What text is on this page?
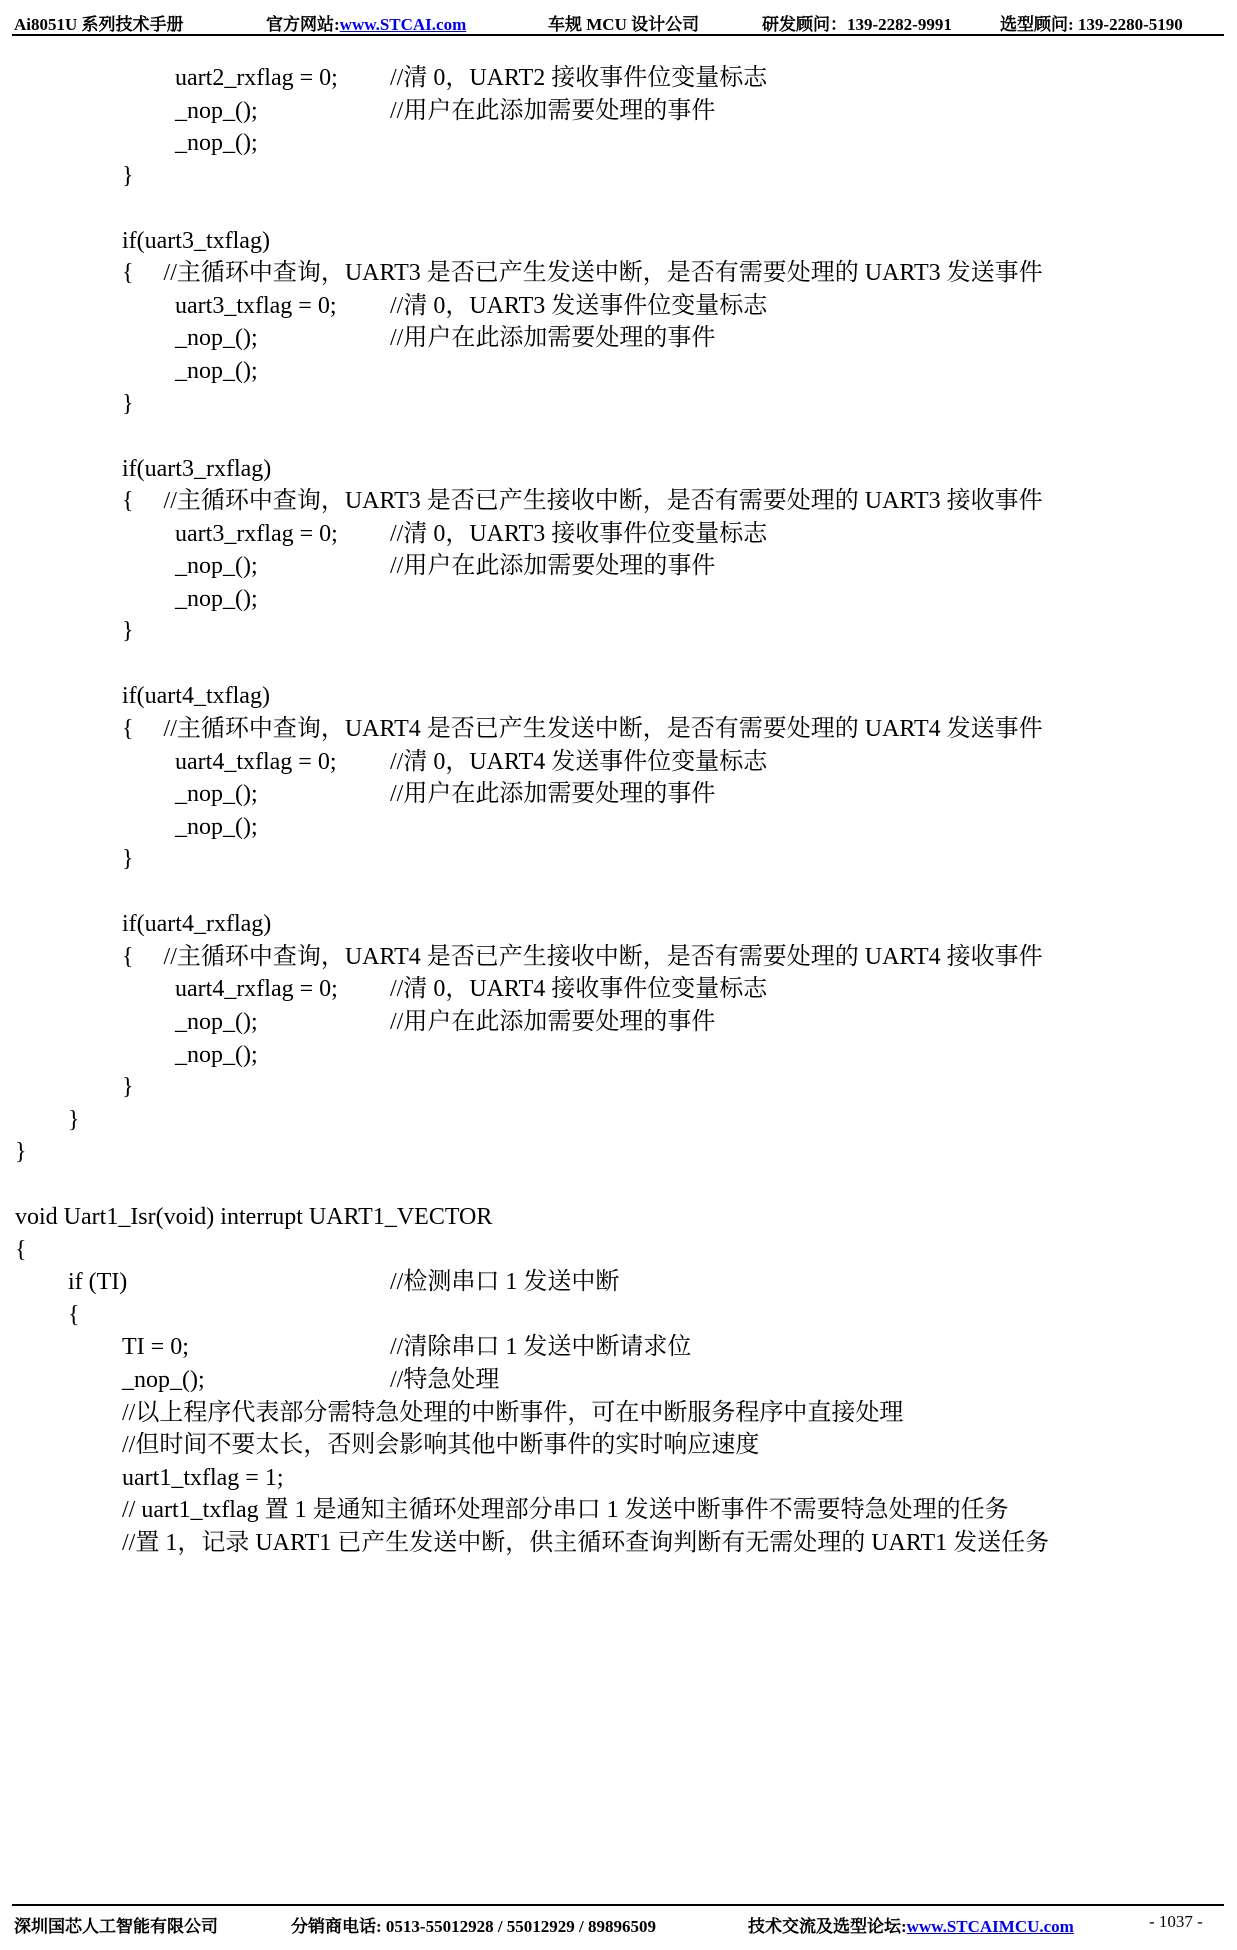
Ai8051U 系列技术手册	官方网站:www.STCAI.com	车规 MCU 设计公司	研发顾问：139-2282-9991	选型顾问: 139-2280-5190
uart2_rxflag = 0; //清 0，UART2 接收事件位变量标志
_nop_();	//用户在此添加需要处理的事件
_nop_();
}
if(uart3_txflag)
{     //主循环中查询，UART3 是否已产生发送中断，是否有需要处理的 UART3 发送事件
uart3_txflag = 0; //清 0，UART3 发送事件位变量标志
_nop_();	//用户在此添加需要处理的事件
_nop_();
}
if(uart3_rxflag)
{     //主循环中查询，UART3 是否已产生接收中断，是否有需要处理的 UART3 接收事件
uart3_rxflag = 0; //清 0，UART3 接收事件位变量标志
_nop_();	//用户在此添加需要处理的事件
_nop_();
}
if(uart4_txflag)
{     //主循环中查询，UART4 是否已产生发送中断，是否有需要处理的 UART4 发送事件
uart4_txflag = 0; //清 0，UART4 发送事件位变量标志
_nop_();	//用户在此添加需要处理的事件
_nop_();
}
if(uart4_rxflag)
{     //主循环中查询，UART4 是否已产生接收中断，是否有需要处理的 UART4 接收事件
uart4_rxflag = 0; //清 0，UART4 接收事件位变量标志
_nop_();	//用户在此添加需要处理的事件
_nop_();
}
}
}
void Uart1_Isr(void) interrupt UART1_VECTOR
{
if (TI)	//检测串口 1 发送中断
{
TI = 0;	//清除串口 1 发送中断请求位
_nop_();	//特急处理
//以上程序代表部分需特急处理的中断事件，可在中断服务程序中直接处理
//但时间不要太长，否则会影响其他中断事件的实时响应速度
uart1_txflag = 1;
// uart1_txflag 置 1 是通知主循环处理部分串口 1 发送中断事件不需要特急处理的任务
//置 1，记录 UART1 已产生发送中断，供主循环查询判断有无需处理的 UART1 发送任务
深圳国芯人工智能有限公司	分销商电话: 0513-55012928 / 55012929 / 89896509	技术交流及选型论坛:www.STCAIMCU.com	- 1037 -
